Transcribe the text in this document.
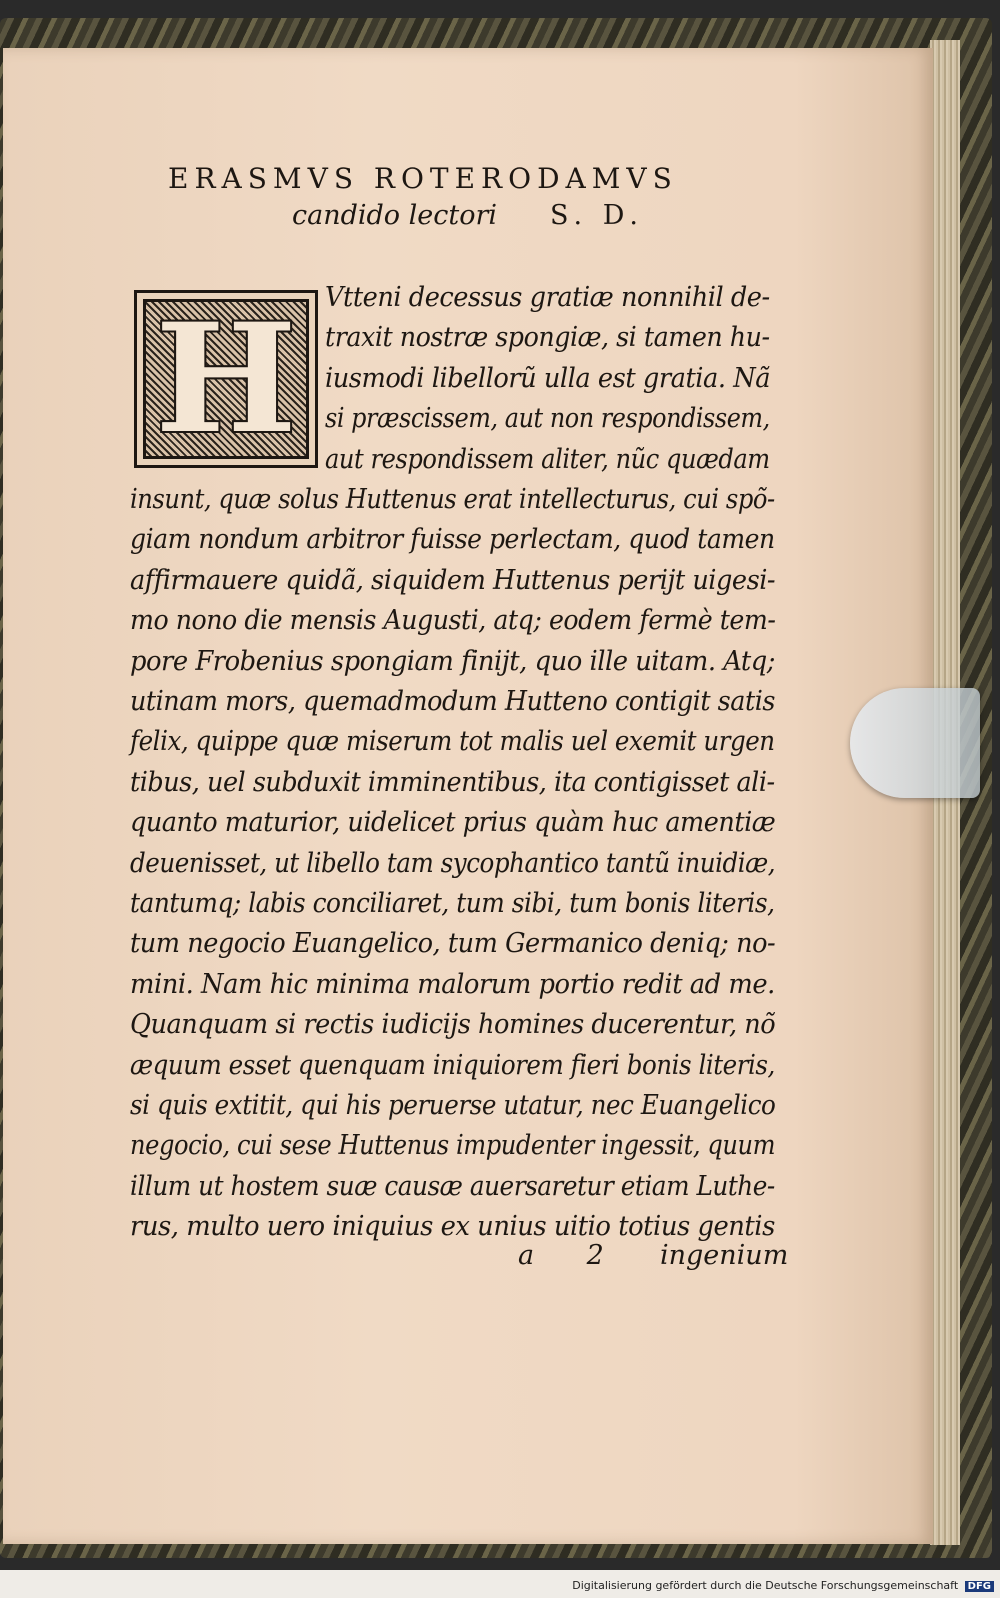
ERASMVS ROTERODAMVS
candido lectori S. D.
H	Vtteni decessus gratiæ nonnihil de-
traxit nostræ spongiæ, si tamen hu-
iusmodi libellorũ ulla est gratia. Nã
si præscissem, aut non respondissem,
aut respondissem aliter, nũc quædam
insunt, quæ solus Huttenus erat intellecturus, cui spõ-
giam nondum arbitror fuisse perlectam, quod tamen
affirmauere quidã, siquidem Huttenus perijt uigesi-
mo nono die mensis Augusti, atq; eodem fermè tem-
pore Frobenius spongiam finijt, quo ille uitam. Atq;
utinam mors, quemadmodum Hutteno contigit satis
felix, quippe quæ miserum tot malis uel exemit urgen
tibus, uel subduxit imminentibus, ita contigisset ali-
quanto maturior, uidelicet prius quàm huc amentiæ
deuenisset, ut libello tam sycophantico tantũ inuidiæ,
tantumq; labis conciliaret, tum sibi, tum bonis literis,
tum negocio Euangelico, tum Germanico deniq; no-
mini. Nam hic minima malorum portio redit ad me.
Quanquam si rectis iudicijs homines ducerentur, nõ
æquum esset quenquam iniquiorem fieri bonis literis,
si quis extitit, qui his peruerse utatur, nec Euangelico
negocio, cui sese Huttenus impudenter ingessit, quum
illum ut hostem suæ causæ auersaretur etiam Luthe-
rus, multo uero iniquius ex unius uitio totius gentis
a 2 ingenium
Digitalisierung gefördert durch die Deutsche Forschungsgemeinschaft DFG
